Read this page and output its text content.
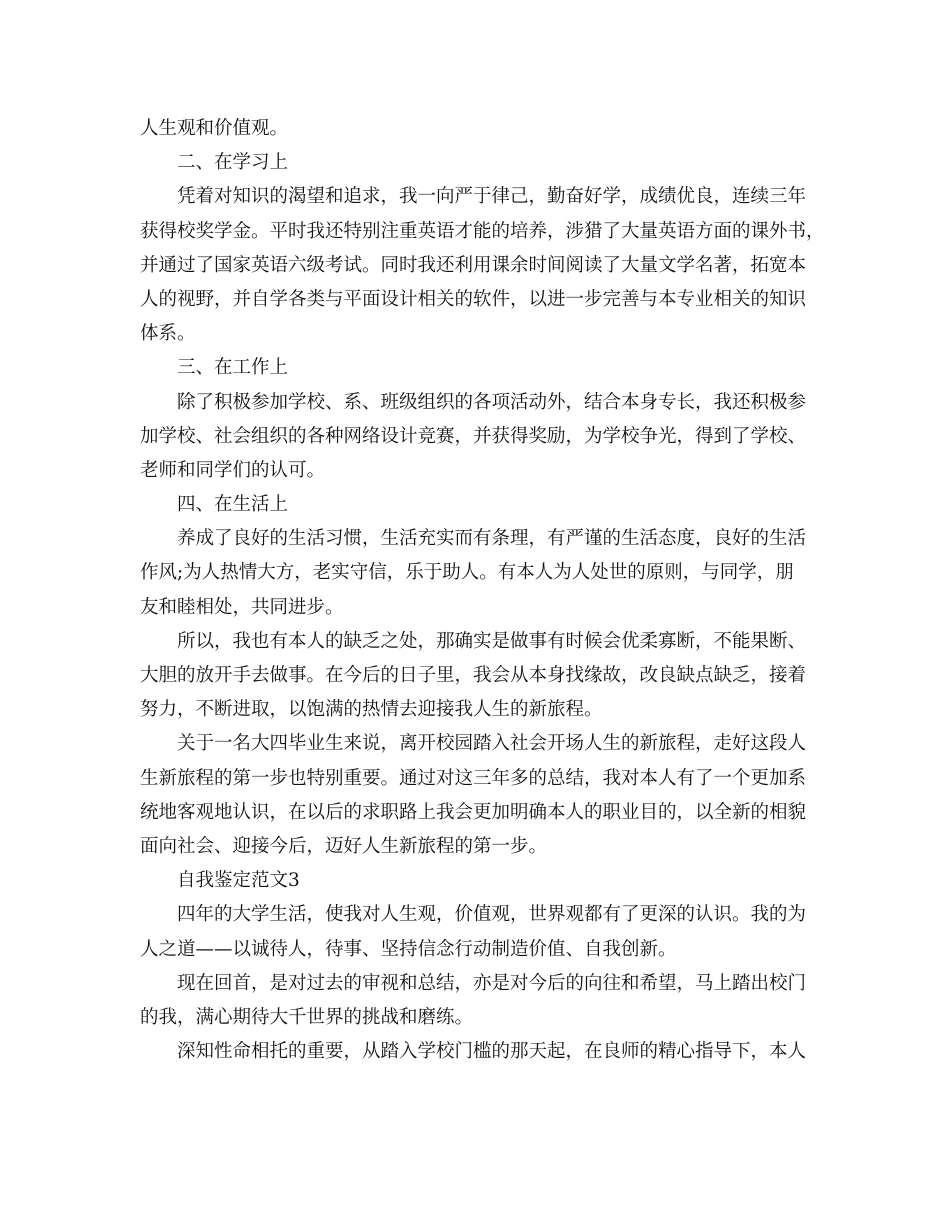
人生观和价值观。
二、在学习上
凭着对知识的渴望和追求，我一向严于律己，勤奋好学，成绩优良，连续三年
获得校奖学金。平时我还特别注重英语才能的培养，涉猎了大量英语方面的课外书，
并通过了国家英语六级考试。同时我还利用课余时间阅读了大量文学名著，拓宽本
人的视野，并自学各类与平面设计相关的软件，以进一步完善与本专业相关的知识
体系。
三、在工作上
除了积极参加学校、系、班级组织的各项活动外，结合本身专长，我还积极参
加学校、社会组织的各种网络设计竞赛，并获得奖励，为学校争光，得到了学校、
老师和同学们的认可。
四、在生活上
养成了良好的生活习惯，生活充实而有条理，有严谨的生活态度，良好的生活
作风;为人热情大方，老实守信，乐于助人。有本人为人处世的原则，与同学，朋
友和睦相处，共同进步。
所以，我也有本人的缺乏之处，那确实是做事有时候会优柔寡断，不能果断、
大胆的放开手去做事。在今后的日子里，我会从本身找缘故，改良缺点缺乏，接着
努力，不断进取，以饱满的热情去迎接我人生的新旅程。
关于一名大四毕业生来说，离开校园踏入社会开场人生的新旅程，走好这段人
生新旅程的第一步也特别重要。通过对这三年多的总结，我对本人有了一个更加系
统地客观地认识，在以后的求职路上我会更加明确本人的职业目的，以全新的相貌
面向社会、迎接今后，迈好人生新旅程的第一步。
自我鉴定范文3
四年的大学生活，使我对人生观，价值观，世界观都有了更深的认识。我的为
人之道——以诚待人，待事、坚持信念行动制造价值、自我创新。
现在回首，是对过去的审视和总结，亦是对今后的向往和希望，马上踏出校门
的我，满心期待大千世界的挑战和磨练。
深知性命相托的重要，从踏入学校门槛的那天起，在良师的精心指导下，本人
